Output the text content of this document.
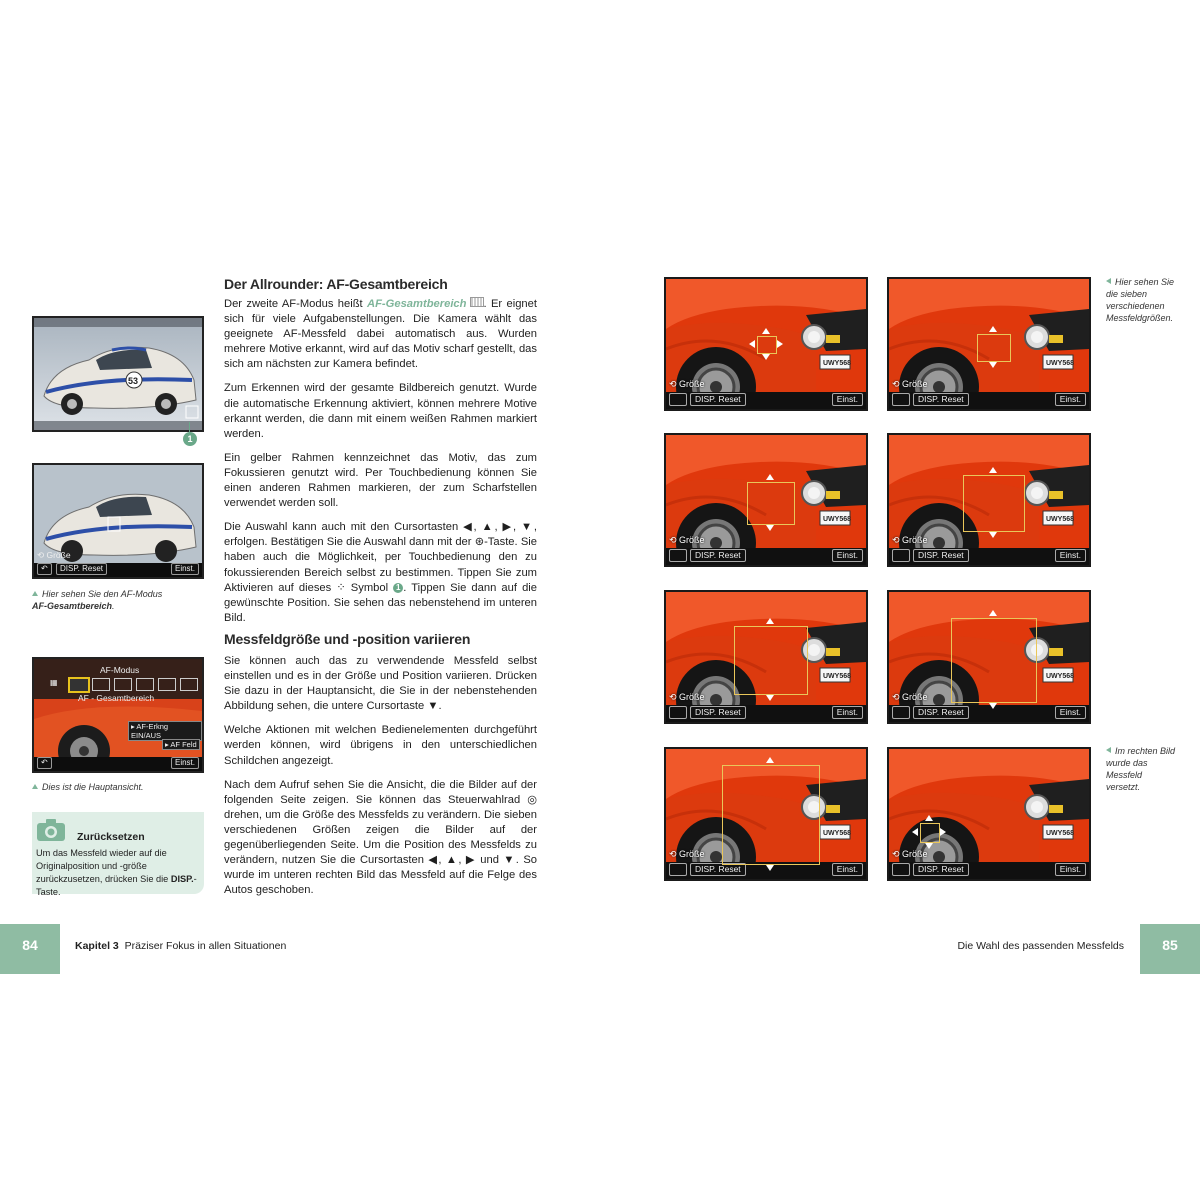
Der Allrounder: AF-Gesamtbereich

Der zweite AF-Modus heißt AF-Gesamtbereich . Er eignet sich für viele Aufgabenstellungen. Die Kamera wählt das geeignete AF-Messfeld dabei automatisch aus. Wurden mehrere Motive erkannt, wird auf das Motiv scharf gestellt, das sich am nächsten zur Kamera befindet.

Zum Erkennen wird der gesamte Bildbereich genutzt. Wurde die automatische Erkennung aktiviert, können mehrere Motive erkannt werden, die dann mit einem weißen Rahmen markiert werden.

Ein gelber Rahmen kennzeichnet das Motiv, das zum Fokussieren genutzt wird. Per Touchbedienung können Sie einen anderen Rahmen markieren, der zum Scharfstellen verwendet werden soll.

Die Auswahl kann auch mit den Cursortasten ◀, ▲, ▶, ▼, erfolgen. Bestätigen Sie die Auswahl dann mit der ⊛-Taste. Sie haben auch die Möglichkeit, per Touchbedienung den zu fokussierenden Bereich selbst zu bestimmen. Tippen Sie zum Aktivieren auf dieses ⁘ Symbol 1 . Tippen Sie dann auf die gewünschte Position. Sie sehen das nebenstehend im unteren Bild.

Messfeldgröße und -position variieren

Sie können auch das zu verwendende Messfeld selbst einstellen und es in der Größe und Position variieren. Drücken Sie dazu in der Hauptansicht, die Sie in der nebenstehenden Abbildung sehen, die untere Cursortaste ▼.

Welche Aktionen mit welchen Bedienelementen durchgeführt werden können, wird übrigens in den unterschiedlichen Schildchen angezeigt.

Nach dem Aufruf sehen Sie die Ansicht, die die Bilder auf der folgenden Seite zeigen. Sie können das Steuerwahlrad ◎ drehen, um die Größe des Messfelds zu verändern. Die sieben verschiedenen Größen zeigen die Bilder auf der gegenüberliegenden Seite. Um die Position des Messfelds zu verändern, nutzen Sie die Cursortasten ◀, ▲, ▶ und ▼. So wurde im unteren rechten Bild das Messfeld auf die Felge des Autos geschoben.

53
1
⟲ Größe
↶	DISP. Reset	Einst.
Hier sehen Sie den AF-Modus
AF-Gesamtbereich.
AF-Modus
▦
AF - Gesamtbereich
▸ AF-Erkng EIN/AUS
▸ AF Feld
↶	Einst.
Dies ist die Hauptansicht.
Zurücksetzen
Um das Messfeld wieder auf die Originalposition und -größe zurückzusetzen, drücken Sie die DISP.-Taste.
UWY568
⟲ Größe
DISP. Reset	Einst.
UWY568
⟲ Größe
DISP. Reset	Einst.
UWY568
⟲ Größe
DISP. Reset	Einst.
UWY568
⟲ Größe
DISP. Reset	Einst.
UWY568
⟲ Größe
DISP. Reset	Einst.
UWY568
⟲ Größe
DISP. Reset	Einst.
UWY568
⟲ Größe
DISP. Reset	Einst.
UWY568
⟲ Größe
DISP. Reset	Einst.
Hier sehen Sie die sieben verschiedenen Messfeldgrößen.
Im rechten Bild wurde das Messfeld versetzt.
84	Kapitel 3 Präziser Fokus in allen Situationen	Die Wahl des passenden Messfelds	85
